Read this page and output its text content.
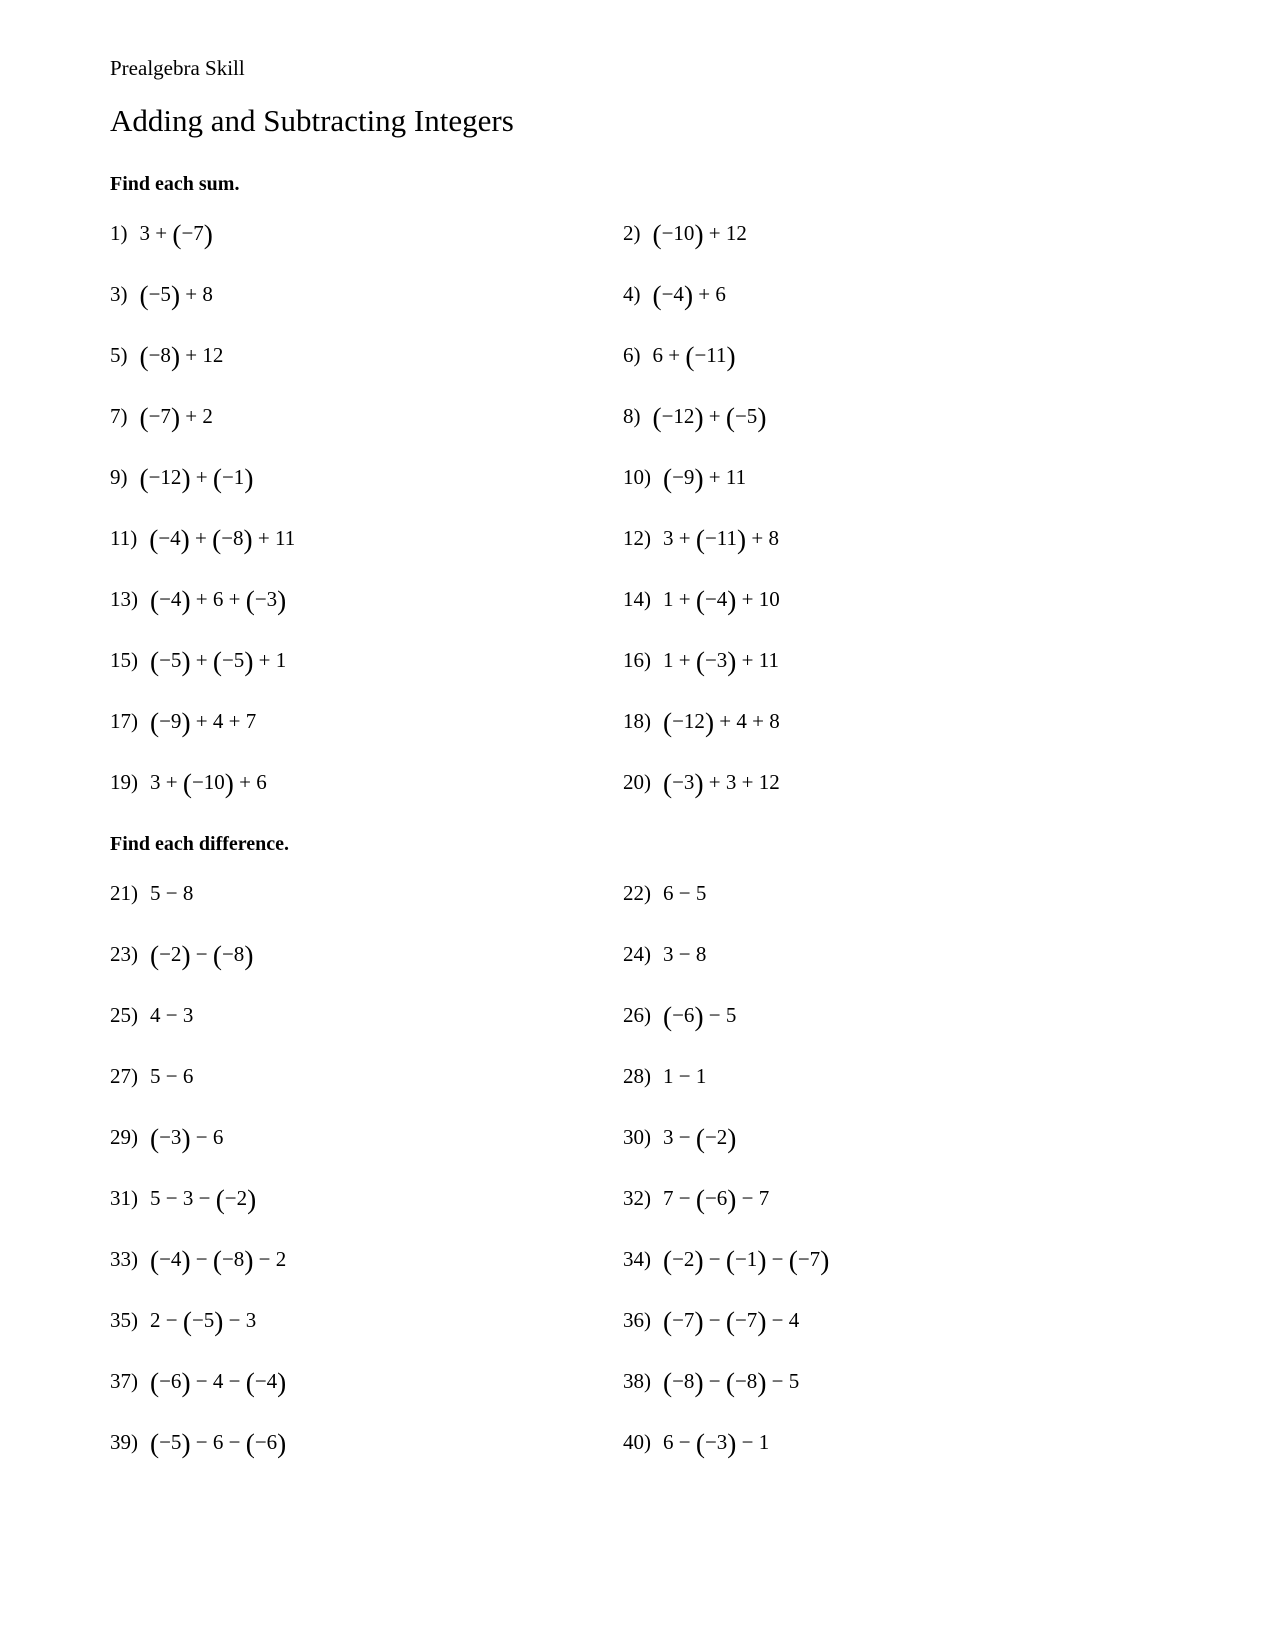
Prealgebra Skill
Adding and Subtracting Integers
Find each sum.
1) 3 + (−7)	2) (−10) + 12
3) (−5) + 8	4) (−4) + 6
5) (−8) + 12	6) 6 + (−11)
7) (−7) + 2	8) (−12) + (−5)
9) (−12) + (−1)	10) (−9) + 11
11) (−4) + (−8) + 11	12) 3 + (−11) + 8
13) (−4) + 6 + (−3)	14) 1 + (−4) + 10
15) (−5) + (−5) + 1	16) 1 + (−3) + 11
17) (−9) + 4 + 7	18) (−12) + 4 + 8
19) 3 + (−10) + 6	20) (−3) + 3 + 12
Find each difference.
21) 5 − 8	22) 6 − 5
23) (−2) − (−8)	24) 3 − 8
25) 4 − 3	26) (−6) − 5
27) 5 − 6	28) 1 − 1
29) (−3) − 6	30) 3 − (−2)
31) 5 − 3 − (−2)	32) 7 − (−6) − 7
33) (−4) − (−8) − 2	34) (−2) − (−1) − (−7)
35) 2 − (−5) − 3	36) (−7) − (−7) − 4
37) (−6) − 4 − (−4)	38) (−8) − (−8) − 5
39) (−5) − 6 − (−6)	40) 6 − (−3) − 1
